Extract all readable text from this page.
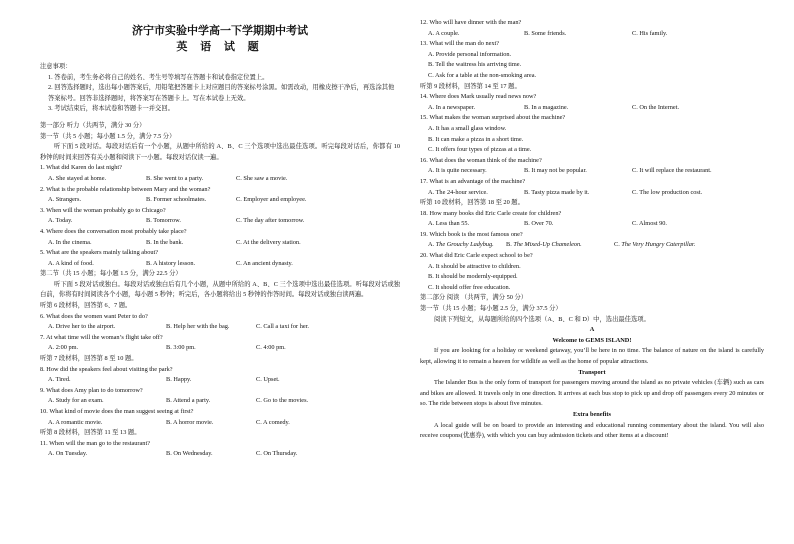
济宁市实验中学高一下学期期中考试
英 语 试 题
注意事项：
1. 答卷前，考生务必将自己的姓名、考生号等填写在答题卡和试卷指定位置上。
2. 回答选择题时，选出每小题答案后，用铅笔把答题卡上对应题目的答案标号涂黑。如需改动，用橡皮擦干净后，再选涂其他答案标号。回答非选择题时，将答案写在答题卡上。写在本试卷上无效。
3. 考试结束后，将本试卷和答题卡一并交回。
第一部分 听力（共两节，满分 30 分）
第一节（共 5 小题；每小题 1.5 分，满分 7.5 分）
听下面 5 段对话。每段对话后有一个小题，从题中所给的 A、B、C 三个选项中选出最佳选项。听完每段对话后，你都有 10 秒钟的时间来回答有关小题和阅读下一小题。每段对话仅读一遍。
1. What did Karen do last night?
A. She stayed at home.	B. She went to a party.	C. She saw a movie.
2. What is the probable relationship between Mary and the woman?
A. Strangers.	B. Former schoolmates.	C. Employer and employee.
3. When will the woman probably go to Chicago?
A. Today.	B. Tomorrow.	C. The day after tomorrow.
4. Where does the conversation most probably take place?
A. In the cinema.	B. In the bank.	C. At the delivery station.
5. What are the speakers mainly talking about?
A. A kind of food.	B. A history lesson.	C. An ancient dynasty.
第二节（共 15 小题；每小题 1.5 分，满分 22.5 分）
听下面 5 段对话或独白。每段对话或独白后有几个小题，从题中所给的 A、B、C 三个选项中选出最佳选项。听每段对话或独白前，你将有时间阅读各个小题，每小题 5 秒钟；听完后，各小题将给出 5 秒钟的作答时间。每段对话或独白读两遍。
听第 6 段材料，回答第 6、7 题。
6. What does the women want Peter to do?
A. Drive her to the airport.	B. Help her with the bag.	C. Call a taxi for her.
7. At what time will the woman’s flight take off?
A. 2:00 pm.	B. 3:00 pm.	C. 4:00 pm.
听第 7 段材料，回答第 8 至 10 题。
8. How did the speakers feel about visiting the park?
A. Tired.	B. Happy.	C. Upset.
9. What does Amy plan to do tomorrow?
A. Study for an exam.	B. Attend a party.	C. Go to the movies.
10. What kind of movie does the man suggest seeing at first?
A. A romantic movie.	B. A horror movie.	C. A comedy.
听第 8 段材料，回答第 11 至 13 题。
11. When will the man go to the restaurant?
A. On Tuesday.	B. On Wednesday.	C. On Thursday.
12. Who will have dinner with the man?
A. A couple.	B. Some friends.	C. His family.
13. What will the man do next?
A. Provide personal information.
B. Tell the waitress his arriving time.
C. Ask for a table at the non-smoking area.
听第 9 段材料，回答第 14 至 17 题。
14. Where does Mark usually read news now?
A. In a newspaper.	B. In a magazine.	C. On the Internet.
15. What makes the woman surprised about the machine?
A. It has a small glass window.
B. It can make a pizza in a short time.
C. It offers four types of pizzas at a time.
16. What does the woman think of the machine?
A. It is quite necessary.	B. It may not be popular.	C. It will replace the restaurant.
17. What is an advantage of the machine?
A. The 24-hour service.	B. Tasty pizza made by it.	C. The low production cost.
听第 10 段材料，回答第 18 至 20 题。
18. How many books did Eric Carle create for children?
A. Less than 55.	B. Over 70.	C. Almost 90.
19. Which book is the most famous one?
A. The Grouchy Ladybug.	B. The Mixed-Up Chameleon.	C. The Very Hungry Caterpillar.
20. What did Eric Carle expect school to be?
A. It should be attractive to children.
B. It should be modernly-equipped.
C. It should offer free education.
第二部分 阅读 （共两节，满分 50 分）
第一节（共 15 小题；每小题 2.5 分，满分 37.5 分）
阅读下列短文，从每题所给的四个选项（A、B、C 和 D）中，选出最佳选项。
A
Welcome to GEMS ISLAND!
If you are looking for a holiday or weekend getaway, you’ll be here in no time. The balance of nature on the island is carefully kept, allowing it to remain a heaven for wildlife as well as the home of popular attractions.
Transport
The Islander Bus is the only form of transport for passengers moving around the island as no private vehicles (车辆) such as cars and bikes are allowed. It travels only in one direction. It arrives at each bus stop to pick up and drop off passengers every 20 minutes or so. The ride between stops is about five minutes.
Extra benefits
A local guide will be on board to provide an interesting and educational running commentary about the island. You will also receive coupons(优惠券), with which you can buy admission tickets and other items at a discount!
